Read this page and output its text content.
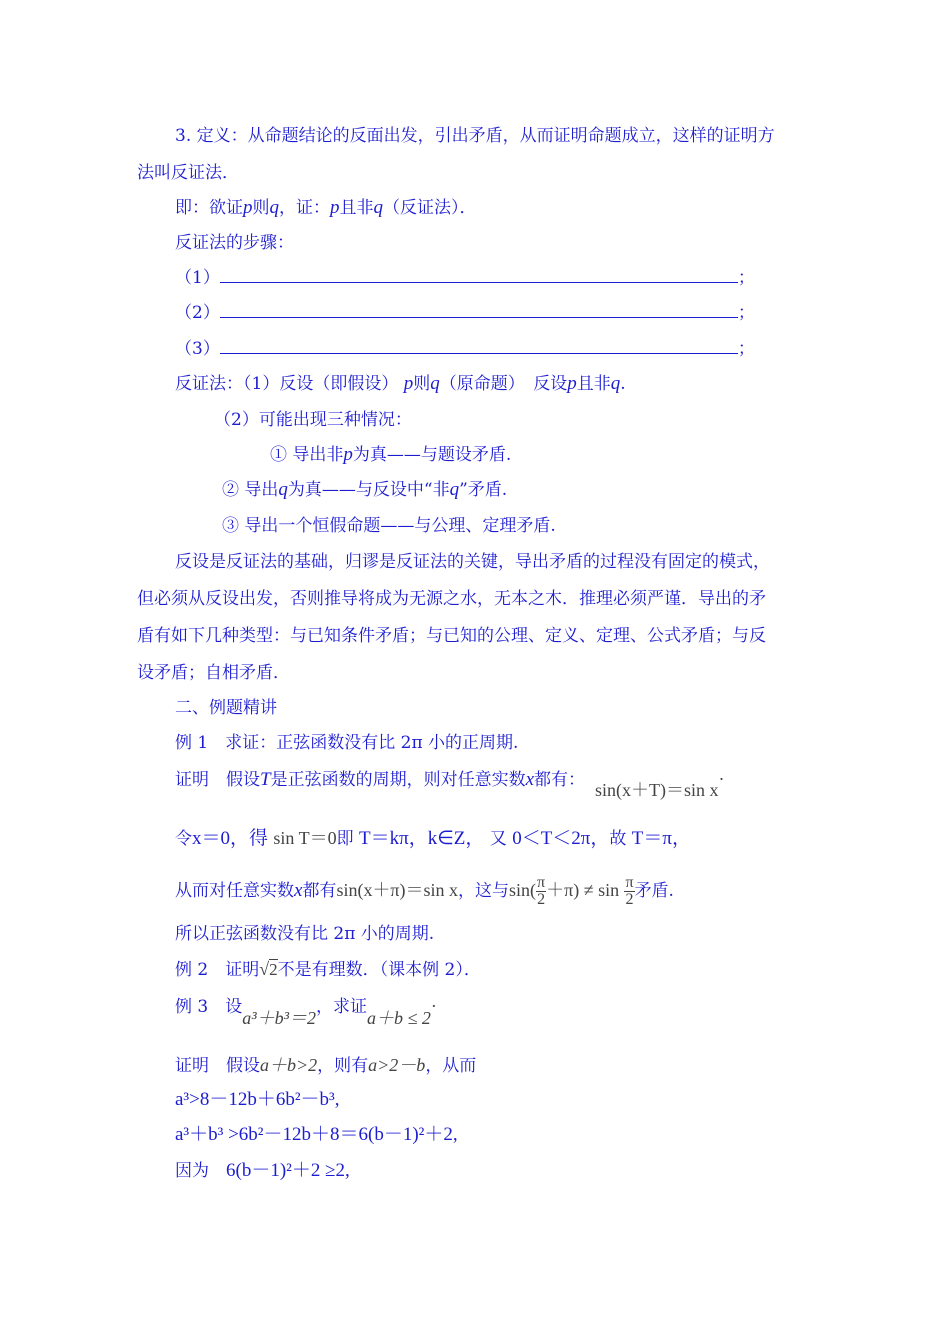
3. 定义：从命题结论的反面出发，引出矛盾，从而证明命题成立，这样的证明方
法叫反证法．
即：欲证p则q，证：p且非q（反证法）．
反证法的步骤：
（1）	；
（2）	；
（3）	；
反证法：（1）反设（即假设） p则q（原命题）　反设p且非q.
（2）可能出现三种情况：
① 导出非p为真——与题设矛盾.
② 导出q为真——与反设中“非q”矛盾.
③ 导出一个恒假命题——与公理、定理矛盾.
反设是反证法的基础，归谬是反证法的关键，导出矛盾的过程没有固定的模式，
但必须从反设出发，否则推导将成为无源之水，无本之木．推理必须严谨．导出的矛
盾有如下几种类型：与已知条件矛盾；与已知的公理、定义、定理、公式矛盾；与反
设矛盾；自相矛盾．
二、例题精讲
例 1　求证：正弦函数没有比 2π 小的正周期.
证明　假设T是正弦函数的周期，则对任意实数x都有： sin(x＋T)＝sin x·
令x＝0，得 sin T＝0即 T＝kπ，k∈Z， 又 0＜T＜2π，故 T＝π，
从而对任意实数x都有sin(x＋π)＝sin x，这与$\sin( \frac{\pi}{2} +\pi) \ne \sin \frac{\pi}{2}$ 矛盾.
所以正弦函数没有比 2π 小的周期.
例 2　证明√2不是有理数．（课本例 2）．
例 3　设a³＋b³＝2，求证a＋b ≤ 2·
证明　假设a＋b>2，则有a>2－b，从而
a³>8－12b＋6b²－b³,
a³＋b³ >6b²－12b＋8＝6(b－1)²＋2,
因为　 6(b－1)²＋2 ≥2,
